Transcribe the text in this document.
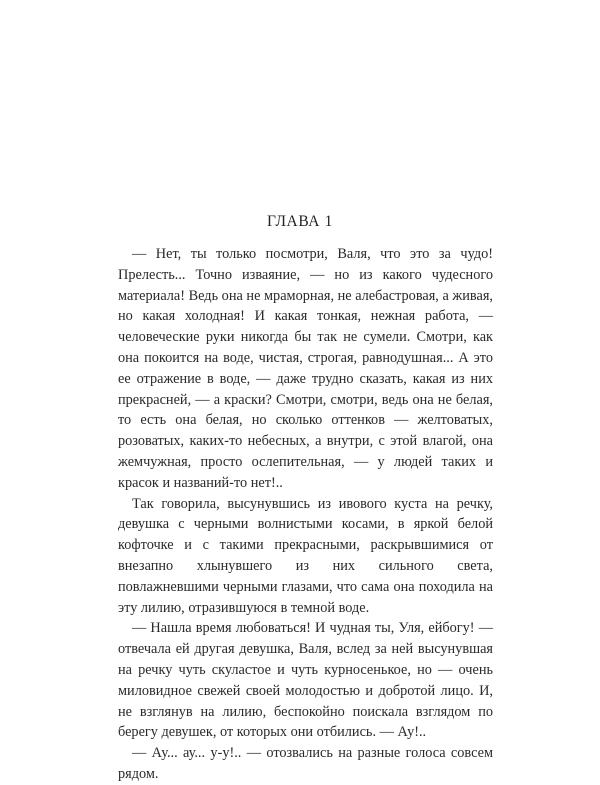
ГЛАВА 1

— Нет, ты только посмотри, Валя, что это за чудо! Прелесть... Точно изваяние, — но из какого чудесного материала! Ведь она не мраморная, не алебастровая, а живая, но какая холодная! И какая тонкая, нежная работа, — человеческие руки никогда бы так не сумели. Смотри, как она покоится на воде, чистая, строгая, равнодушная... А это ее отражение в воде, — даже трудно сказать, какая из них прекрасней, — а краски? Смотри, смотри, ведь она не белая, то есть она белая, но сколько оттенков — желтоватых, розоватых, каких-то небесных, а внутри, с этой влагой, она жемчужная, просто ослепительная, — у людей таких и красок и названий-то нет!..

Так говорила, высунувшись из ивового куста на речку, девушка с черными волнистыми косами, в яркой белой кофточке и с такими прекрасными, раскрывшимися от внезапно хлынувшего из них сильного света, повлажневшими черными глазами, что сама она походила на эту лилию, отразившуюся в темной воде.

— Нашла время любоваться! И чудная ты, Уля, ейбогу! — отвечала ей другая девушка, Валя, вслед за ней высунувшая на речку чуть скуластое и чуть курносенькое, но — очень миловидное свежей своей молодостью и добротой лицо. И, не взглянув на лилию, беспокойно поискала взглядом по берегу девушек, от которых они отбились. — Ау!..

— Ау... ау... у-у!.. — отозвались на разные голоса совсем рядом.
